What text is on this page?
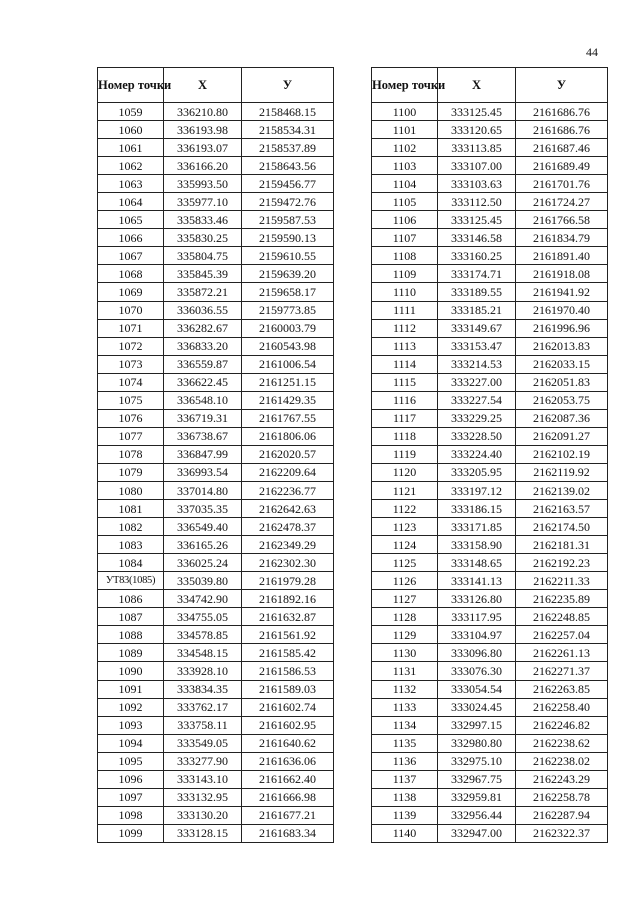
44
Номер точки	X	У
1059	336210.80	2158468.15
1060	336193.98	2158534.31
1061	336193.07	2158537.89
1062	336166.20	2158643.56
1063	335993.50	2159456.77
1064	335977.10	2159472.76
1065	335833.46	2159587.53
1066	335830.25	2159590.13
1067	335804.75	2159610.55
1068	335845.39	2159639.20
1069	335872.21	2159658.17
1070	336036.55	2159773.85
1071	336282.67	2160003.79
1072	336833.20	2160543.98
1073	336559.87	2161006.54
1074	336622.45	2161251.15
1075	336548.10	2161429.35
1076	336719.31	2161767.55
1077	336738.67	2161806.06
1078	336847.99	2162020.57
1079	336993.54	2162209.64
1080	337014.80	2162236.77
1081	337035.35	2162642.63
1082	336549.40	2162478.37
1083	336165.26	2162349.29
1084	336025.24	2162302.30
УТ83(1085)	335039.80	2161979.28
1086	334742.90	2161892.16
1087	334755.05	2161632.87
1088	334578.85	2161561.92
1089	334548.15	2161585.42
1090	333928.10	2161586.53
1091	333834.35	2161589.03
1092	333762.17	2161602.74
1093	333758.11	2161602.95
1094	333549.05	2161640.62
1095	333277.90	2161636.06
1096	333143.10	2161662.40
1097	333132.95	2161666.98
1098	333130.20	2161677.21
1099	333128.15	2161683.34
Номер точки	X	У
1100	333125.45	2161686.76
1101	333120.65	2161686.76
1102	333113.85	2161687.46
1103	333107.00	2161689.49
1104	333103.63	2161701.76
1105	333112.50	2161724.27
1106	333125.45	2161766.58
1107	333146.58	2161834.79
1108	333160.25	2161891.40
1109	333174.71	2161918.08
1110	333189.55	2161941.92
1111	333185.21	2161970.40
1112	333149.67	2161996.96
1113	333153.47	2162013.83
1114	333214.53	2162033.15
1115	333227.00	2162051.83
1116	333227.54	2162053.75
1117	333229.25	2162087.36
1118	333228.50	2162091.27
1119	333224.40	2162102.19
1120	333205.95	2162119.92
1121	333197.12	2162139.02
1122	333186.15	2162163.57
1123	333171.85	2162174.50
1124	333158.90	2162181.31
1125	333148.65	2162192.23
1126	333141.13	2162211.33
1127	333126.80	2162235.89
1128	333117.95	2162248.85
1129	333104.97	2162257.04
1130	333096.80	2162261.13
1131	333076.30	2162271.37
1132	333054.54	2162263.85
1133	333024.45	2162258.40
1134	332997.15	2162246.82
1135	332980.80	2162238.62
1136	332975.10	2162238.02
1137	332967.75	2162243.29
1138	332959.81	2162258.78
1139	332956.44	2162287.94
1140	332947.00	2162322.37
